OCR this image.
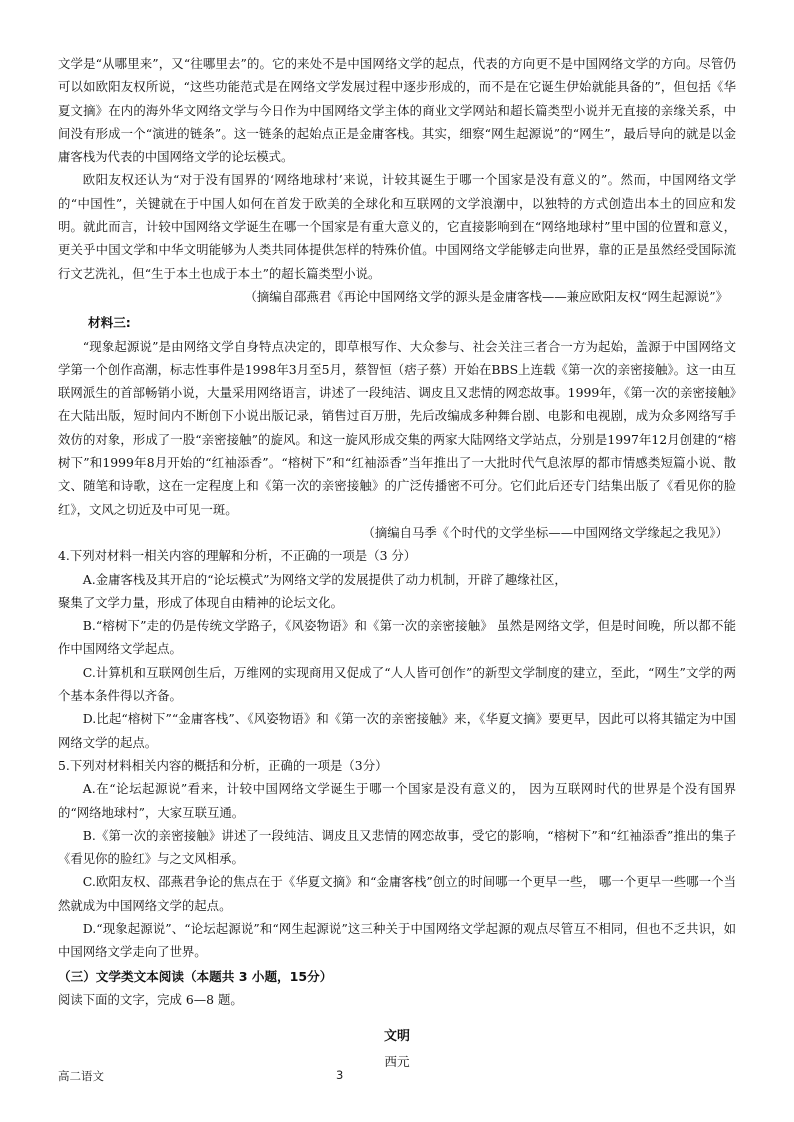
文学是“从哪里来”，又“往哪里去”的。它的来处不是中国网络文学的起点，代表的方向更不是中国网络文学的方向。尽管仍可以如欧阳友权所说，“这些功能范式是在网络文学发展过程中逐步形成的，而不是在它诞生伊始就能具备的”，但包括《华夏文摘》在内的海外华文网络文学与今日作为中国网络文学主体的商业文学网站和超长篇类型小说并无直接的亲缘关系，中间没有形成一个“演进的链条”。这一链条的起始点正是金庸客栈。其实，细察“网生起源说”的“网生”，最后导向的就是以金庸客栈为代表的中国网络文学的论坛模式。

欧阳友权还认为“对于没有国界的‘网络地球村’来说，计较其诞生于哪一个国家是没有意义的”。然而，中国网络文学的“中国性”，关键就在于中国人如何在首发于欧美的全球化和互联网的文学浪潮中，以独特的方式创造出本土的回应和发明。就此而言，计较中国网络文学诞生在哪一个国家是有重大意义的，它直接影响到在“网络地球村”里中国的位置和意义，更关乎中国文学和中华文明能够为人类共同体提供怎样的特殊价值。中国网络文学能够走向世界，靠的正是虽然经受国际流行文艺洗礼，但“生于本土也成于本土”的超长篇类型小说。

（摘编自邵燕君《再论中国网络文学的源头是金庸客栈——兼应欧阳友权“网生起源说”》

材料三:

“现象起源说”是由网络文学自身特点决定的，即草根写作、大众参与、社会关注三者合一方为起始，盖源于中国网络文学第一个创作高潮，标志性事件是1998年3月至5月，蔡智恒（痞子蔡）开始在BBS上连载《第一次的亲密接触》。这一由互联网派生的首部畅销小说，大量采用网络语言，讲述了一段纯洁、调皮且又悲情的网恋故事。1999年，《第一次的亲密接触》在大陆出版，短时间内不断创下小说出版记录，销售过百万册，先后改编成多种舞台剧、电影和电视剧，成为众多网络写手效仿的对象，形成了一股“亲密接触”的旋风。和这一旋风形成交集的两家大陆网络文学站点，分别是1997年12月创建的“榕树下”和1999年8月开始的“红袖添香”。“榕树下”和“红袖添香”当年推出了一大批时代气息浓厚的都市情感类短篇小说、散文、随笔和诗歌，这在一定程度上和《第一次的亲密接触》的广泛传播密不可分。它们此后还专门结集出版了《看见你的脸红》，文风之切近及中可见一斑。

（摘编自马季《个时代的文学坐标——中国网络文学缘起之我见》）

4.下列对材料一相关内容的理解和分析，不正确的一项是（3 分）

A.金庸客栈及其开启的“论坛模式”为网络文学的发展提供了动力机制，开辟了趣缘社区，

聚集了文学力量，形成了体现自由精神的论坛文化。

B.“榕树下”走的仍是传统文学路子，《风姿物语》和《第一次的亲密接触》 虽然是网络文学，但是时间晚，所以都不能作中国网络文学起点。

C.计算机和互联网创生后，万维网的实现商用又促成了“人人皆可创作”的新型文学制度的建立，至此，“网生”文学的两个基本条件得以齐备。

D.比起“榕树下”“金庸客栈”、《风姿物语》和《第一次的亲密接触》来，《华夏文摘》要更早，因此可以将其锚定为中国网络文学的起点。

5.下列对材料相关内容的概括和分析，正确的一项是（3分）

A.在“论坛起源说”看来，计较中国网络文学诞生于哪一个国家是没有意义的， 因为互联网时代的世界是个没有国界的“网络地球村”，大家互联互通。

B.《第一次的亲密接触》讲述了一段纯洁、调皮且又悲情的网恋故事，受它的影响，“榕树下”和“红袖添香”推出的集子《看见你的脸红》与之文风相承。

C.欧阳友权、邵燕君争论的焦点在于《华夏文摘》和“金庸客栈”创立的时间哪一个更早一些， 哪一个更早一些哪一个当然就成为中国网络文学的起点。

D.“现象起源说”、“论坛起源说”和“网生起源说”这三种关于中国网络文学起源的观点尽管互不相同，但也不乏共识，如中国网络文学走向了世界。

（三）文学类文本阅读（本题共 3 小题，15分）

阅读下面的文字，完成 6—8 题。

文明

西元

高二语文	3
